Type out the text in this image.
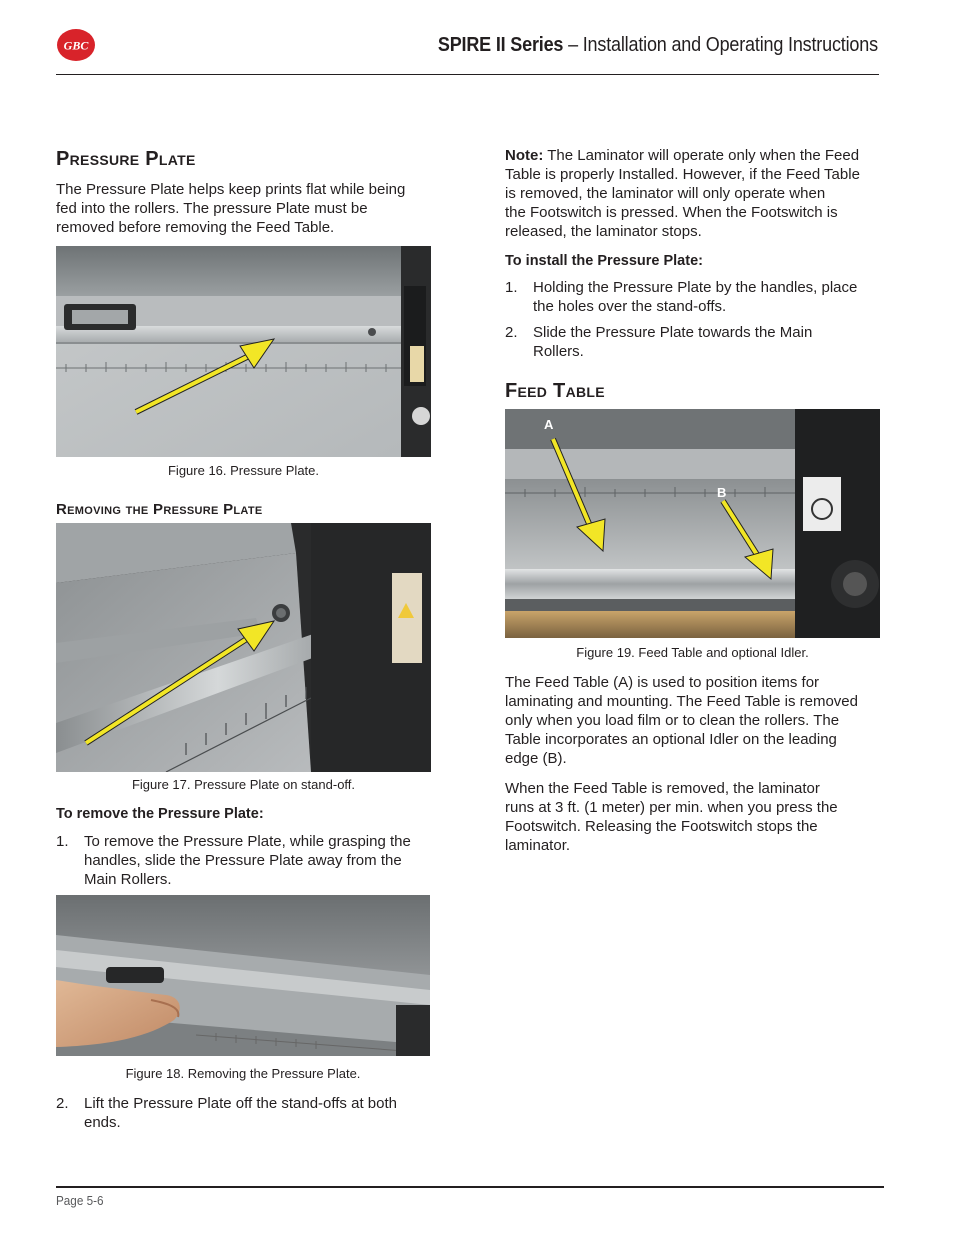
GBC	SPIRE II Series – Installation and Operating Instructions
Pressure Plate
The Pressure Plate helps keep prints flat while being
fed into the rollers. The pressure Plate must be
removed before removing the Feed Table.
Figure 16. Pressure Plate.
Removing the Pressure Plate
Figure 17. Pressure Plate on stand-off.
To remove the Pressure Plate:
1. To remove the Pressure Plate, while grasping the
handles, slide the Pressure Plate away from the
Main Rollers.
Figure 18. Removing the Pressure Plate.
2. Lift the Pressure Plate off the stand-offs at both
ends.
Note: The Laminator will operate only when the Feed
Table is properly Installed. However, if the Feed Table
is removed, the laminator will only operate when
the Footswitch is pressed. When the Footswitch is
released, the laminator stops.
To install the Pressure Plate:
1. Holding the Pressure Plate by the handles, place
the holes over the stand-offs.
2. Slide the Pressure Plate towards the Main
Rollers.
Feed Table
A
B
Figure 19. Feed Table and optional Idler.
The Feed Table (A) is used to position items for
laminating and mounting. The Feed Table is removed
only when you load film or to clean the rollers. The
Table incorporates an optional Idler on the leading
edge (B).
When the Feed Table is removed, the laminator
runs at 3 ft. (1 meter) per min. when you press the
Footswitch. Releasing the Footswitch stops the
laminator.
Page 5-6
